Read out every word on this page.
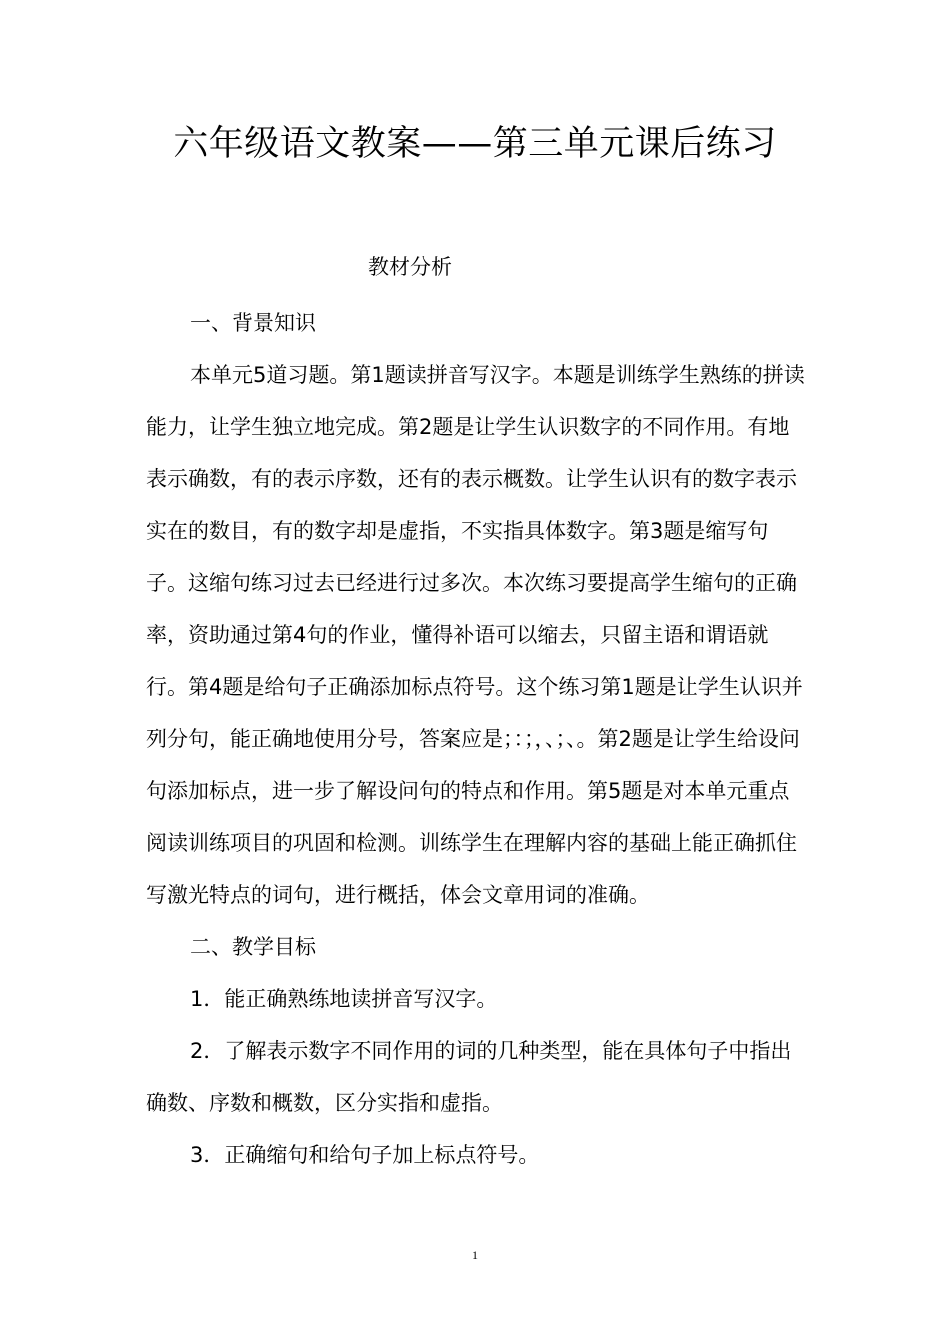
六年级语文教案——第三单元课后练习
教材分析

一、背景知识

本单元5道习题。第1题读拼音写汉字。本题是训练学生熟练的拼读能力，让学生独立地完成。第2题是让学生认识数字的不同作用。有地表示确数，有的表示序数，还有的表示概数。让学生认识有的数字表示实在的数目，有的数字却是虚指，不实指具体数字。第3题是缩写句子。这缩句练习过去已经进行过多次。本次练习要提高学生缩句的正确率，资助通过第4句的作业，懂得补语可以缩去，只留主语和谓语就行。第4题是给句子正确添加标点符号。这个练习第1题是让学生认识并列分句，能正确地使用分号，答案应是；：；，、；、。第2题是让学生给设问句添加标点，进一步了解设问句的特点和作用。第5题是对本单元重点阅读训练项目的巩固和检测。训练学生在理解内容的基础上能正确抓住写激光特点的词句，进行概括，体会文章用词的准确。

二、教学目标

1．能正确熟练地读拼音写汉字。

2．了解表示数字不同作用的词的几种类型，能在具体句子中指出确数、序数和概数，区分实指和虚指。

3．正确缩句和给句子加上标点符号。

1
